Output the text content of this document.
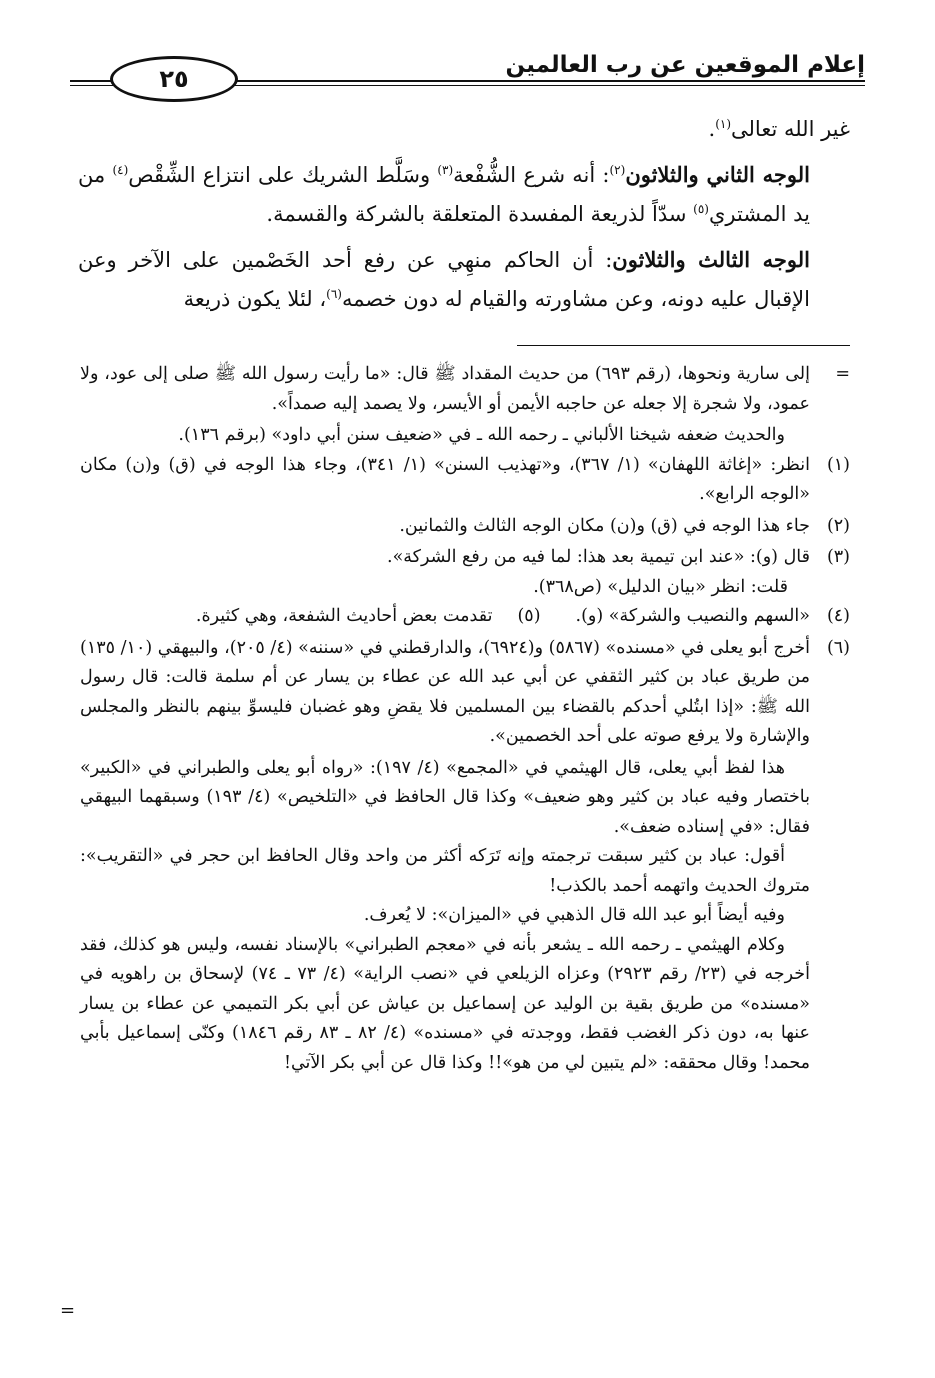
إعلام الموقعين عن رب العالمين
٢٥

غير الله تعالى$^{(١)}$.

الوجه الثاني والثلاثون$^{(٢)}$: أنه شرع الشُّفْعة$^{(٣)}$ وسَلَّط الشريك على انتزاع الشِّقْص$^{(٤)}$ من يد المشتري$^{(٥)}$ سدّاً لذريعة المفسدة المتعلقة بالشركة والقسمة.

الوجه الثالث والثلاثون: أن الحاكم منهِي عن رفع أحد الخَصْمين على الآخر وعن الإقبال عليه دونه، وعن مشاورته والقيام له دون خصمه$^{(٦)}$، لئلا يكون ذريعة

=

إلى سارية ونحوها، (رقم ٦٩٣) من حديث المقداد ﷺ قال: «ما رأيت رسول الله ﷺ صلى إلى عود، ولا عمود، ولا شجرة إلا جعله عن حاجبه الأيمن أو الأيسر، ولا يصمد إليه صمداً».

والحديث ضعفه شيخنا الألباني ـ رحمه الله ـ في «ضعيف سنن أبي داود» (برقم ١٣٦).

(١)

انظر: «إغاثة اللهفان» (١/ ٣٦٧)، و«تهذيب السنن» (١/ ٣٤١)، وجاء هذا الوجه في (ق) و(ن) مكان «الوجه الرابع».

(٢)

جاء هذا الوجه في (ق) و(ن) مكان الوجه الثالث والثمانين.

(٣)

قال (و): «عند ابن تيمية بعد هذا: لما فيه من رفع الشركة».

قلت: انظر «بيان الدليل» (ص٣٦٨).

(٤)

«السهم والنصيب والشركة» (و).

(٥)

تقدمت بعض أحاديث الشفعة، وهي كثيرة.

(٦)

أخرج أبو يعلى في «مسنده» (٥٨٦٧) و(٦٩٢٤)، والدارقطني في «سننه» (٤/ ٢٠٥)، والبيهقي (١٠/ ١٣٥) من طريق عباد بن كثير الثقفي عن أبي عبد الله عن عطاء بن يسار عن أم سلمة قالت: قال رسول الله ﷺ: «إذا ابتُلي أحدكم بالقضاء بين المسلمين فلا يقضِ وهو غضبان فليسوِّ بينهم بالنظر والمجلس والإشارة ولا يرفع صوته على أحد الخصمين».

هذا لفظ أبي يعلى، قال الهيثمي في «المجمع» (٤/ ١٩٧): «رواه أبو يعلى والطبراني في «الكبير» باختصار وفيه عباد بن كثير وهو ضعيف» وكذا قال الحافظ في «التلخيص» (٤/ ١٩٣) وسبقهما البيهقي فقال: «في إسناده ضعف».

أقول: عباد بن كثير سبقت ترجمته وإنه تَرَكه أكثر من واحد وقال الحافظ ابن حجر في «التقريب»: متروك الحديث واتهمه أحمد بالكذب!

وفيه أيضاً أبو عبد الله قال الذهبي في «الميزان»: لا يُعرف.

وكلام الهيثمي ـ رحمه الله ـ يشعر بأنه في «معجم الطبراني» بالإسناد نفسه، وليس هو كذلك، فقد أخرجه في (٢٣/ رقم ٢٩٢٣) وعزاه الزيلعي في «نصب الراية» (٤/ ٧٣ ـ ٧٤) لإسحاق بن راهويه في «مسنده» من طريق بقية بن الوليد عن إسماعيل بن عياش عن أبي بكر التميمي عن عطاء بن يسار عنها به، دون ذكر الغضب فقط، ووجدته في «مسنده» (٤/ ٨٢ ـ ٨٣ رقم ١٨٤٦) وكنّى إسماعيل بأبي محمد! وقال محققه: «لم يتبين لي من هو»!! وكذا قال عن أبي بكر الآتي!

=
